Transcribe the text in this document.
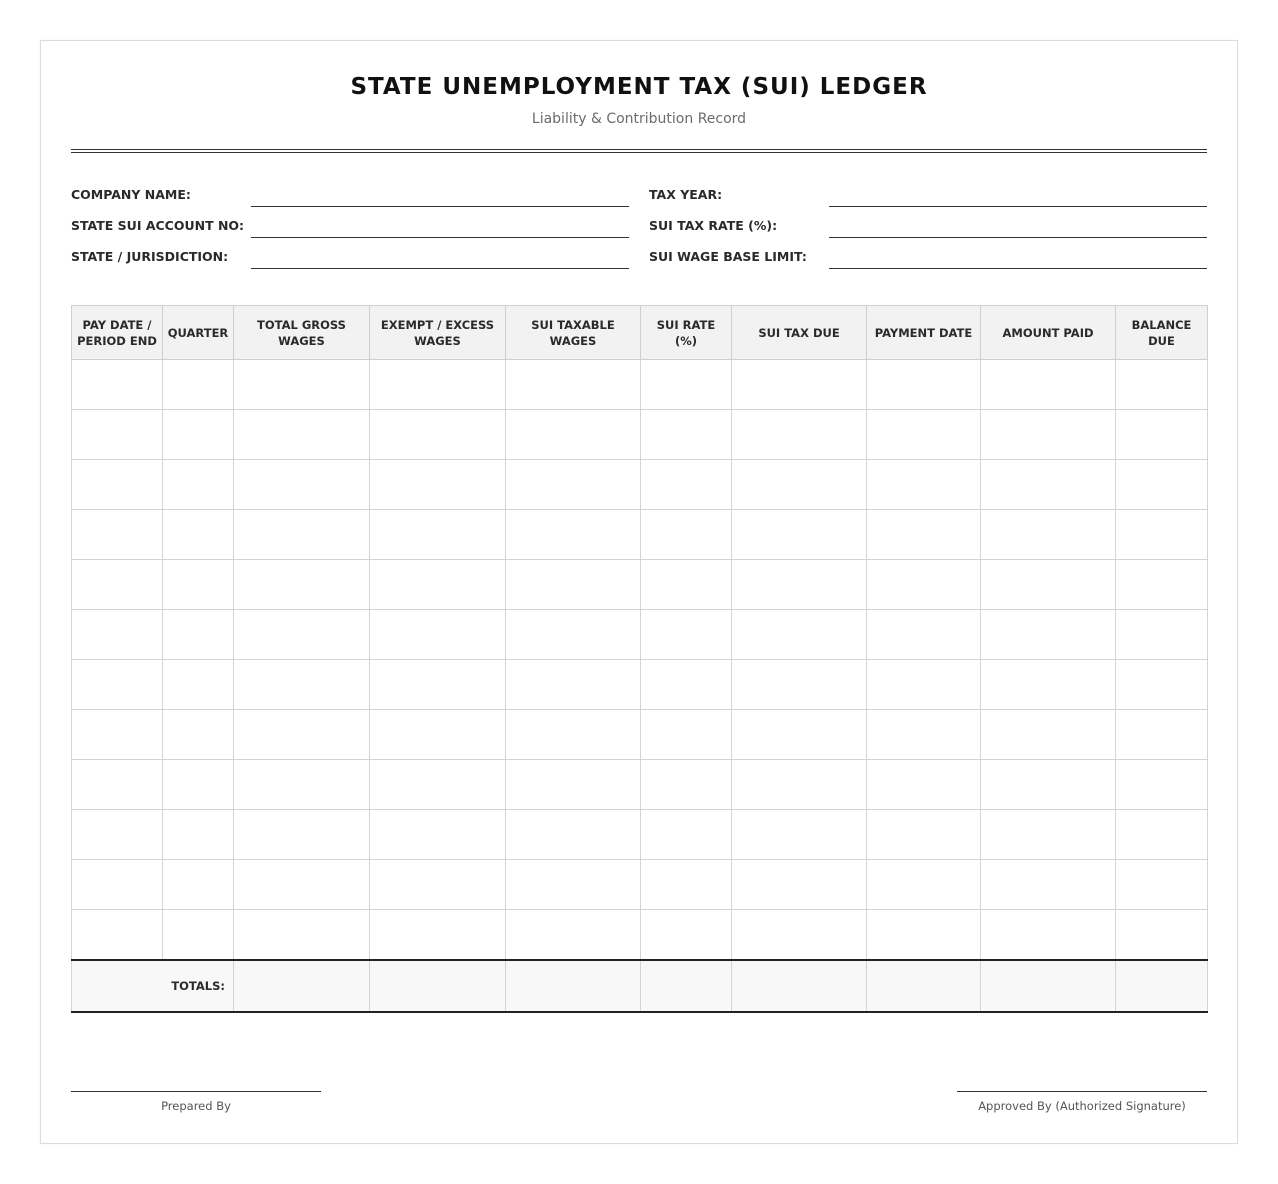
STATE UNEMPLOYMENT TAX (SUI) LEDGER
Liability & Contribution Record
COMPANY NAME:
STATE SUI ACCOUNT NO:
STATE / JURISDICTION:
TAX YEAR:
SUI TAX RATE (%):
SUI WAGE BASE LIMIT:
PAY DATE / PERIOD END	QUARTER	TOTAL GROSS WAGES	EXEMPT / EXCESS WAGES	SUI TAXABLE WAGES	SUI RATE (%)	SUI TAX DUE	PAYMENT DATE	AMOUNT PAID	BALANCE DUE

TOTALS:									
Prepared By	Approved By (Authorized Signature)
